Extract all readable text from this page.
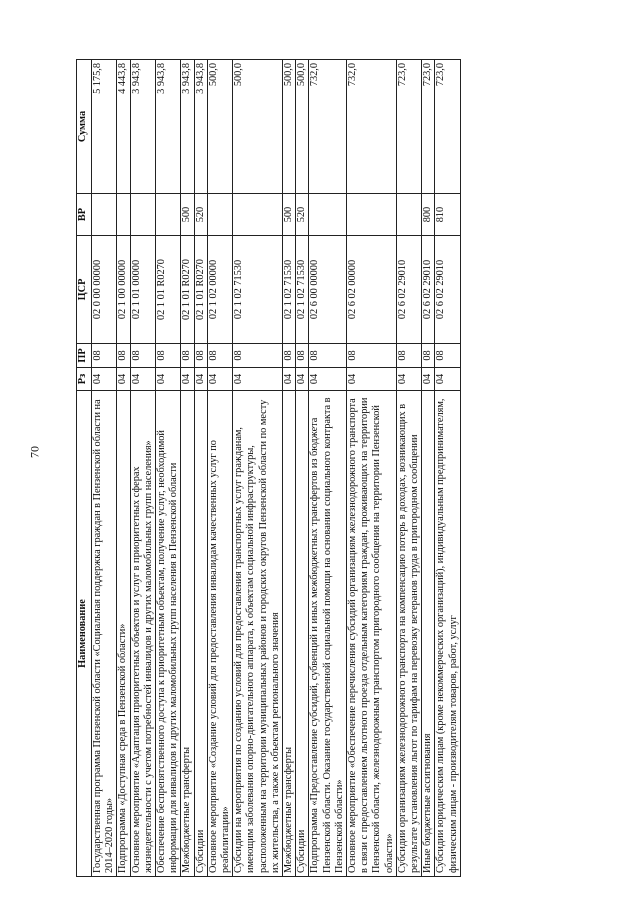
70
Наименование	Рз	ПР	ЦСР	ВР	Сумма
Государственная программа Пензенской области «Социальная поддержка граждан в Пензенской области на 2014–2020 годы»	04	08	02 0 00 00000		5 175,8
Подпрограмма «Доступная среда в Пензенской области»	04	08	02 1 00 00000		4 443,8
Основное мероприятие «Адаптация приоритетных объектов и услуг в приоритетных сферах жизнедеятельности с учетом потребностей инвалидов и других маломобильных групп населения»	04	08	02 1 01 00000		3 943,8
Обеспечение беспрепятственного доступа к приоритетным объектам, получение услуг, необходимой информации для инвалидов и других маломобильных групп населения в Пензенской области	04	08	02 1 01 R0270		3 943,8
Межбюджетные трансферты	04	08	02 1 01 R0270	500	3 943,8
Субсидии	04	08	02 1 01 R0270	520	3 943,8
Основное мероприятие «Создание условий для предоставления инвалидам качественных услуг по реабилитации»	04	08	02 1 02 00000		500,0
Субсидии на мероприятия по созданию условий для предоставления транспортных услуг гражданам, имеющим заболевания опорно-двигательного аппарата, к объектам социальной инфраструктуры, расположенным на территории муниципальных районов и городских округов Пензенской области по месту их жительства, а также к объектам регионального значения	04	08	02 1 02 71530		500,0
Межбюджетные трансферты	04	08	02 1 02 71530	500	500,0
Субсидии	04	08	02 1 02 71530	520	500,0
Подпрограмма «Предоставление субсидий, субвенций и иных межбюджетных трансфертов из бюджета Пензенской области. Оказание государственной социальной помощи на основании социального контракта в Пензенской области»	04	08	02 6 00 00000		732,0
Основное мероприятие «Обеспечение перечисления субсидий организациям железнодорожного транспорта в связи с предоставлением льготного проезда отдельным категориям граждан, проживающих на территории Пензенской области, железнодорожным транспортом пригородного сообщения на территории Пензенской области»	04	08	02 6 02 00000		732,0
Субсидии организациям железнодорожного транспорта на компенсацию потерь в доходах, возникающих в результате установления льгот по тарифам на перевозку ветеранов труда в пригородном сообщении	04	08	02 6 02 29010		723,0
Иные бюджетные ассигнования	04	08	02 6 02 29010	800	723,0
Субсидии юридическим лицам (кроме некоммерческих организаций), индивидуальным предпринимателям, физическим лицам - производителям товаров, работ, услуг	04	08	02 6 02 29010	810	723,0
